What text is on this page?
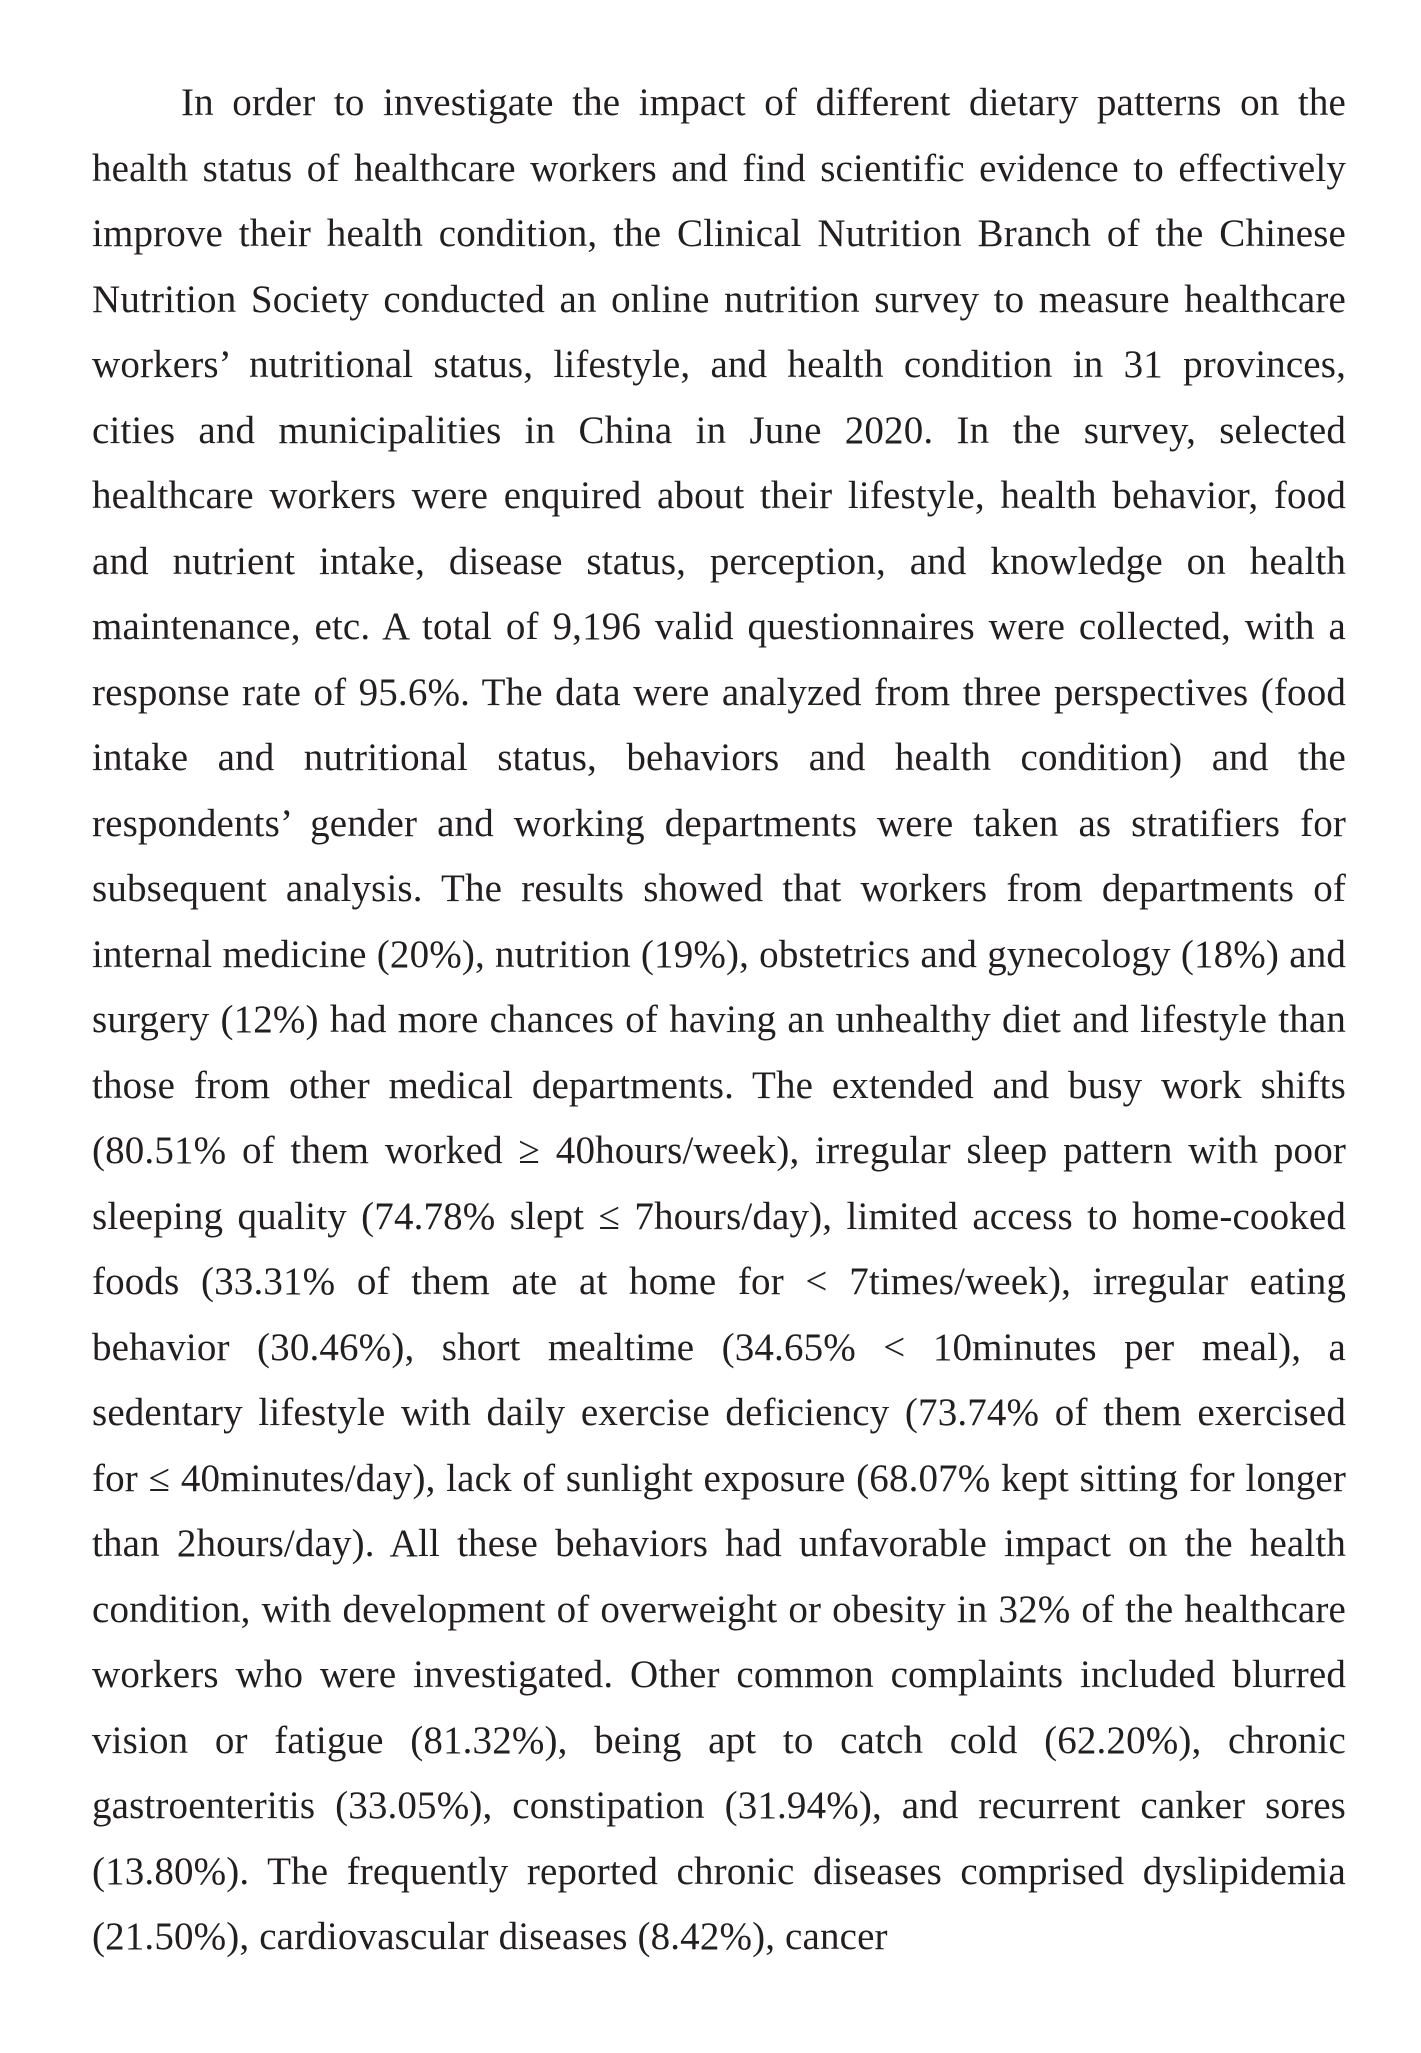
In order to investigate the impact of different dietary patterns on the health status of healthcare workers and find scientific evidence to effectively improve their health condition, the Clinical Nutrition Branch of the Chinese Nutrition Society conducted an online nutrition survey to measure healthcare workers’ nutritional status, lifestyle, and health condition in 31 provinces, cities and municipalities in China in June 2020. In the survey, selected healthcare workers were enquired about their lifestyle, health behavior, food and nutrient intake, disease status, perception, and knowledge on health maintenance, etc. A total of 9,196 valid questionnaires were collected, with a response rate of 95.6%. The data were analyzed from three perspectives (food intake and nutritional status, behaviors and health condition) and the respondents’ gender and working departments were taken as stratifiers for subsequent analysis. The results showed that workers from departments of internal medicine (20%), nutrition (19%), obstetrics and gynecology (18%) and surgery (12%) had more chances of having an unhealthy diet and lifestyle than those from other medical departments. The extended and busy work shifts (80.51% of them worked ≥ 40hours/week), irregular sleep pattern with poor sleeping quality (74.78% slept ≤ 7hours/day), limited access to home-cooked foods (33.31% of them ate at home for < 7times/week), irregular eating behavior (30.46%), short mealtime (34.65% < 10minutes per meal), a sedentary lifestyle with daily exercise deficiency (73.74% of them exercised for ≤ 40minutes/day), lack of sunlight exposure (68.07% kept sitting for longer than 2hours/day). All these behaviors had unfavorable impact on the health condition, with development of overweight or obesity in 32% of the healthcare workers who were investigated. Other common complaints included blurred vision or fatigue (81.32%), being apt to catch cold (62.20%), chronic gastroenteritis (33.05%), constipation (31.94%), and recurrent canker sores (13.80%). The frequently reported chronic diseases comprised dyslipidemia (21.50%), cardiovascular diseases (8.42%), cancer
